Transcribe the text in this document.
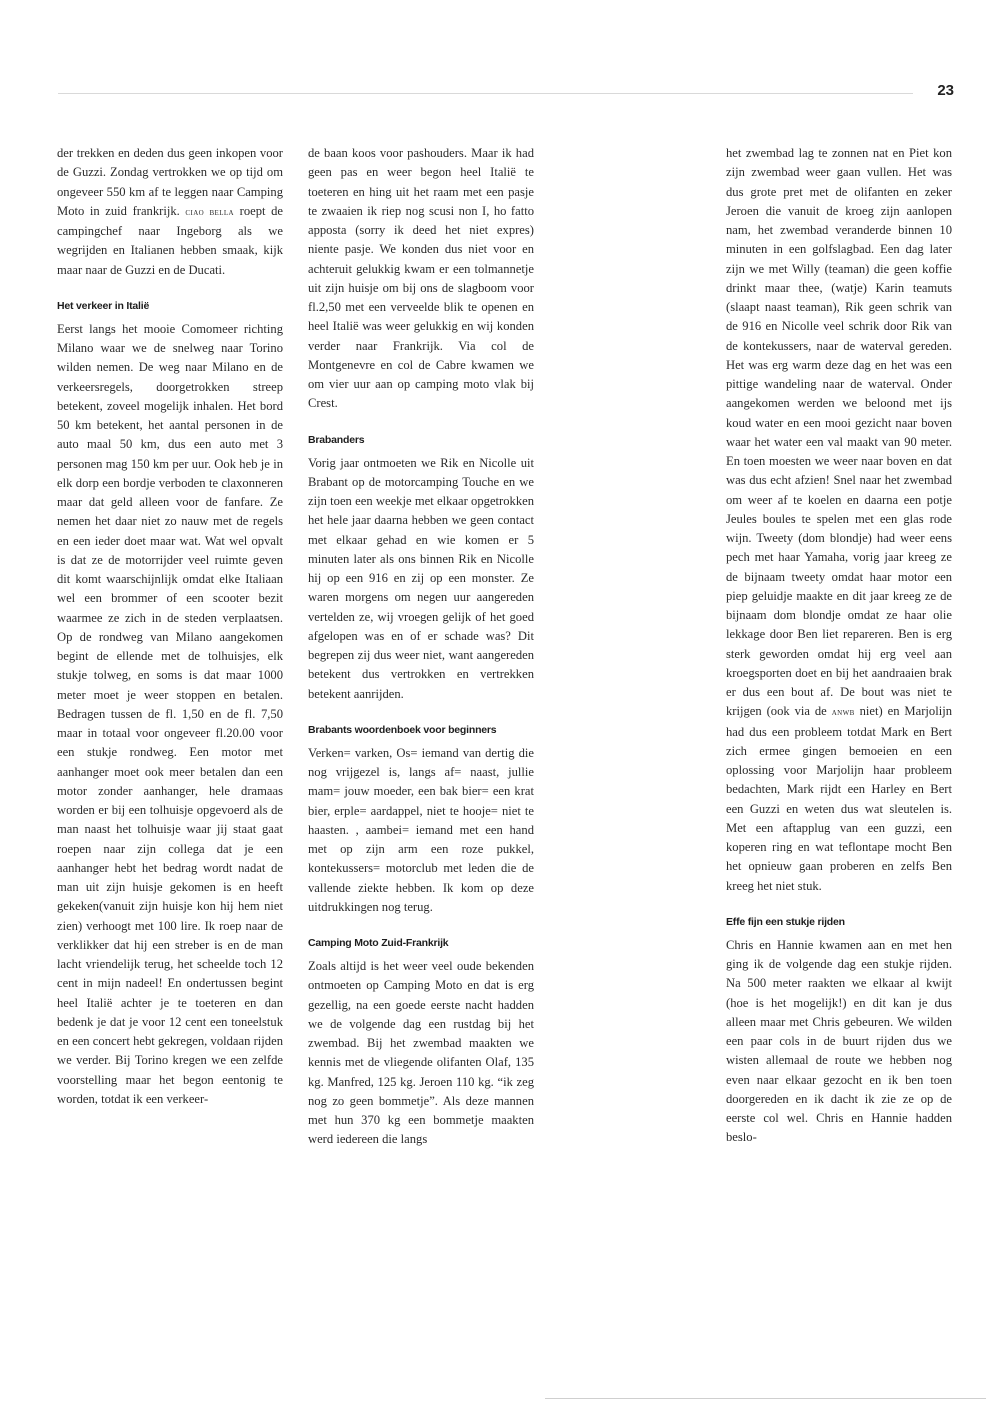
23

der trekken en deden dus geen inkopen voor de Guzzi. Zondag vertrokken we op tijd om ongeveer 550 km af te leggen naar Camping Moto in zuid frankrijk. ciao bella roept de campingchef naar Ingeborg als we wegrijden en Italianen hebben smaak, kijk maar naar de Guzzi en de Ducati.

Het verkeer in Italië

Eerst langs het mooie Comomeer richting Milano waar we de snelweg naar Torino wilden nemen. De weg naar Milano en de verkeersregels, doorgetrokken streep betekent, zoveel mogelijk inhalen. Het bord 50 km betekent, het aantal personen in de auto maal 50 km, dus een auto met 3 personen mag 150 km per uur. Ook heb je in elk dorp een bordje verboden te claxonneren maar dat geld alleen voor de fanfare. Ze nemen het daar niet zo nauw met de regels en een ieder doet maar wat. Wat wel opvalt is dat ze de motorrijder veel ruimte geven dit komt waarschijnlijk omdat elke Italiaan wel een brommer of een scooter bezit waarmee ze zich in de steden verplaatsen. Op de rondweg van Milano aangekomen begint de ellende met de tolhuisjes, elk stukje tolweg, en soms is dat maar 1000 meter moet je weer stoppen en betalen. Bedragen tussen de fl. 1,50 en de fl. 7,50 maar in totaal voor ongeveer fl.20.00 voor een stukje rondweg. Een motor met aanhanger moet ook meer betalen dan een motor zonder aanhanger, hele dramaas worden er bij een tolhuisje opgevoerd als de man naast het tolhuisje waar jij staat gaat roepen naar zijn collega dat je een aanhanger hebt het bedrag wordt nadat de man uit zijn huisje gekomen is en heeft gekeken(vanuit zijn huisje kon hij hem niet zien) verhoogt met 100 lire. Ik roep naar de verklikker dat hij een streber is en de man lacht vriendelijk terug, het scheelde toch 12 cent in mijn nadeel! En ondertussen begint heel Italië achter je te toeteren en dan bedenk je dat je voor 12 cent een toneelstuk en een concert hebt gekregen, voldaan rijden we verder. Bij Torino kregen we een zelfde voorstelling maar het begon eentonig te worden, totdat ik een verkeer-

de baan koos voor pashouders. Maar ik had geen pas en weer begon heel Italië te toeteren en hing uit het raam met een pasje te zwaaien ik riep nog scusi non I, ho fatto apposta (sorry ik deed het niet expres) niente pasje. We konden dus niet voor en achteruit gelukkig kwam er een tolmannetje uit zijn huisje om bij ons de slagboom voor fl.2,50 met een verveelde blik te openen en heel Italië was weer gelukkig en wij konden verder naar Frankrijk. Via col de Montgenevre en col de Cabre kwamen we om vier uur aan op camping moto vlak bij Crest.

Brabanders

Vorig jaar ontmoeten we Rik en Nicolle uit Brabant op de motorcamping Touche en we zijn toen een weekje met elkaar opgetrokken het hele jaar daarna hebben we geen contact met elkaar gehad en wie komen er 5 minuten later als ons binnen Rik en Nicolle hij op een 916 en zij op een monster. Ze waren morgens om negen uur aangereden vertelden ze, wij vroegen gelijk of het goed afgelopen was en of er schade was? Dit begrepen zij dus weer niet, want aangereden betekent dus vertrokken en vertrekken betekent aanrijden.

Brabants woordenboek voor beginners

Verken= varken, Os= iemand van dertig die nog vrijgezel is, langs af= naast, jullie mam= jouw moeder, een bak bier= een krat bier, erple= aardappel, niet te hooje= niet te haasten. , aambei= iemand met een hand met op zijn arm een roze pukkel, kontekussers= motorclub met leden die de vallende ziekte hebben. Ik kom op deze uitdrukkingen nog terug.

Camping Moto Zuid-Frankrijk

Zoals altijd is het weer veel oude bekenden ontmoeten op Camping Moto en dat is erg gezellig, na een goede eerste nacht hadden we de volgende dag een rustdag bij het zwembad. Bij het zwembad maakten we kennis met de vliegende olifanten Olaf, 135 kg. Manfred, 125 kg. Jeroen 110 kg. “ik zeg nog zo geen bommetje”. Als deze mannen met hun 370 kg een bommetje maakten werd iedereen die langs

het zwembad lag te zonnen nat en Piet kon zijn zwembad weer gaan vullen. Het was dus grote pret met de olifanten en zeker Jeroen die vanuit de kroeg zijn aanlopen nam, het zwembad veranderde binnen 10 minuten in een golfslagbad. Een dag later zijn we met Willy (teaman) die geen koffie drinkt maar thee, (watje) Karin teamuts (slaapt naast teaman), Rik geen schrik van de 916 en Nicolle veel schrik door Rik van de kontekussers, naar de waterval gereden. Het was erg warm deze dag en het was een pittige wandeling naar de waterval. Onder aangekomen werden we beloond met ijs koud water en een mooi gezicht naar boven waar het water een val maakt van 90 meter. En toen moesten we weer naar boven en dat was dus echt afzien! Snel naar het zwembad om weer af te koelen en daarna een potje Jeules boules te spelen met een glas rode wijn. Tweety (dom blondje) had weer eens pech met haar Yamaha, vorig jaar kreeg ze de bijnaam tweety omdat haar motor een piep geluidje maakte en dit jaar kreeg ze de bijnaam dom blondje omdat ze haar olie lekkage door Ben liet repareren. Ben is erg sterk geworden omdat hij erg veel aan kroegsporten doet en bij het aandraaien brak er dus een bout af. De bout was niet te krijgen (ook via de anwb niet) en Marjolijn had dus een probleem totdat Mark en Bert zich ermee gingen bemoeien en een oplossing voor Marjolijn haar probleem bedachten, Mark rijdt een Harley en Bert een Guzzi en weten dus wat sleutelen is. Met een aftapplug van een guzzi, een koperen ring en wat teflontape mocht Ben het opnieuw gaan proberen en zelfs Ben kreeg het niet stuk.

Effe fijn een stukje rijden

Chris en Hannie kwamen aan en met hen ging ik de volgende dag een stukje rijden. Na 500 meter raakten we elkaar al kwijt (hoe is het mogelijk!) en dit kan je dus alleen maar met Chris gebeuren. We wilden een paar cols in de buurt rijden dus we wisten allemaal de route we hebben nog even naar elkaar gezocht en ik ben toen doorgereden en ik dacht ik zie ze op de eerste col wel. Chris en Hannie hadden beslo-
